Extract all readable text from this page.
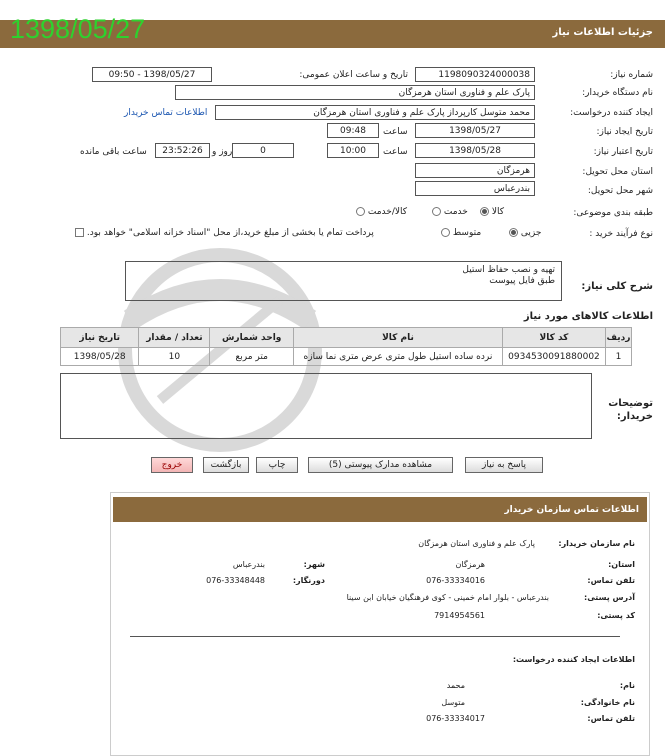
جزئیات اطلاعات نیاز
1398/05/27
شماره نیاز:
1198090324000038
تاریخ و ساعت اعلان عمومی:
1398/05/27 - 09:50
نام دستگاه خریدار:
پارک علم و فناوری استان هرمزگان
ایجاد کننده درخواست:
محمد متوسل کارپرداز پارک علم و فناوری استان هرمزگان
اطلاعات تماس خریدار
تاریخ ایجاد نیاز:
1398/05/27
ساعت
09:48
تاریخ اعتبار نیاز:
1398/05/28
ساعت
10:00
0
روز و
23:52:26
ساعت باقی مانده
استان محل تحویل:
هرمزگان
شهر محل تحویل:
بندرعباس
طبقه بندی موضوعی:
کالا
خدمت
کالا/خدمت
نوع فرآیند خرید :
جزیی
متوسط
پرداخت تمام یا بخشی از مبلغ خرید،از محل "اسناد خزانه اسلامی" خواهد بود.
شرح کلی نیاز:
تهیه و نصب حفاظ استیل
طبق فایل پیوست
اطلاعات کالاهای مورد نیاز
ردیف	کد کالا	نام کالا	واحد شمارش	تعداد / مقدار	تاریخ نیاز
1	0934530091880002	نرده ساده استیل طول متری عرض متری نما سازه	متر مربع	10	1398/05/28
توضیحات خریدار:
پاسخ به نیاز
مشاهده مدارک پیوستی (5)
چاپ
بازگشت
خروج
اطلاعات تماس سازمان خریدار
نام سازمان خریدار:
پارک علم و فناوری استان هرمزگان
استان:
هرمزگان
شهر:
بندرعباس
تلفن تماس:
076-33334016
دورنگار:
076-33348448
آدرس پستی:
بندرعباس - بلوار امام خمینی - کوی فرهنگیان خیابان ابن سینا
کد پستی:
7914954561
اطلاعات ایجاد کننده درخواست:
نام:
محمد
نام خانوادگی:
متوسل
تلفن تماس:
076-33334017
